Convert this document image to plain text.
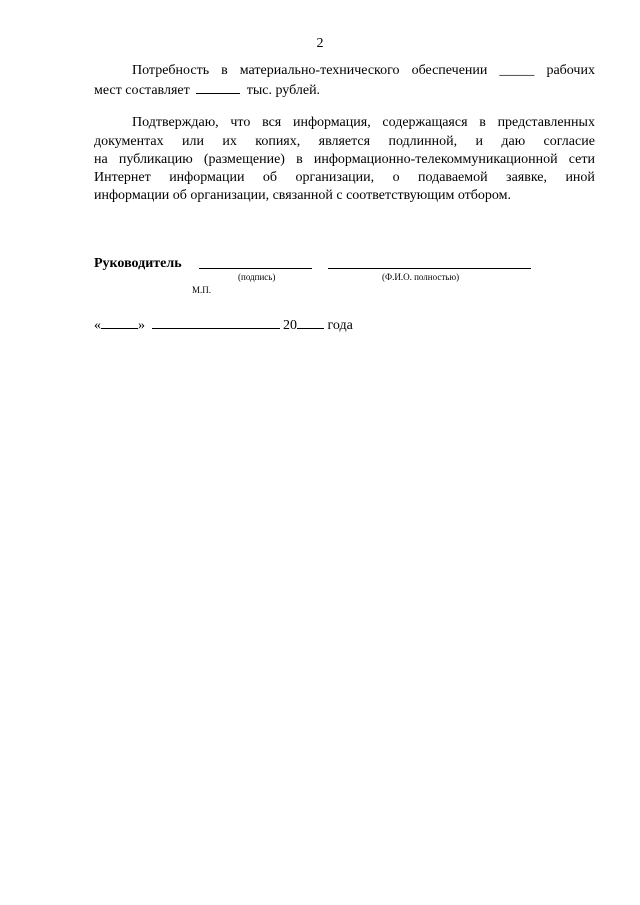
2
Потребность в материально-технического обеспечении _____ рабочих
мест составляет	тыс. рублей.
Подтверждаю, что вся информация, содержащаяся в представленных
документах или их копиях, является подлинной, и даю согласие
на публикацию (размещение) в информационно-телекоммуникационной сети
Интернет информации об организации, о подаваемой заявке, иной
информации об организации, связанной с соответствующим отбором.
Руководитель
(подпись)	(Ф.И.О. полностью)
М.П.
«	»	20 года
